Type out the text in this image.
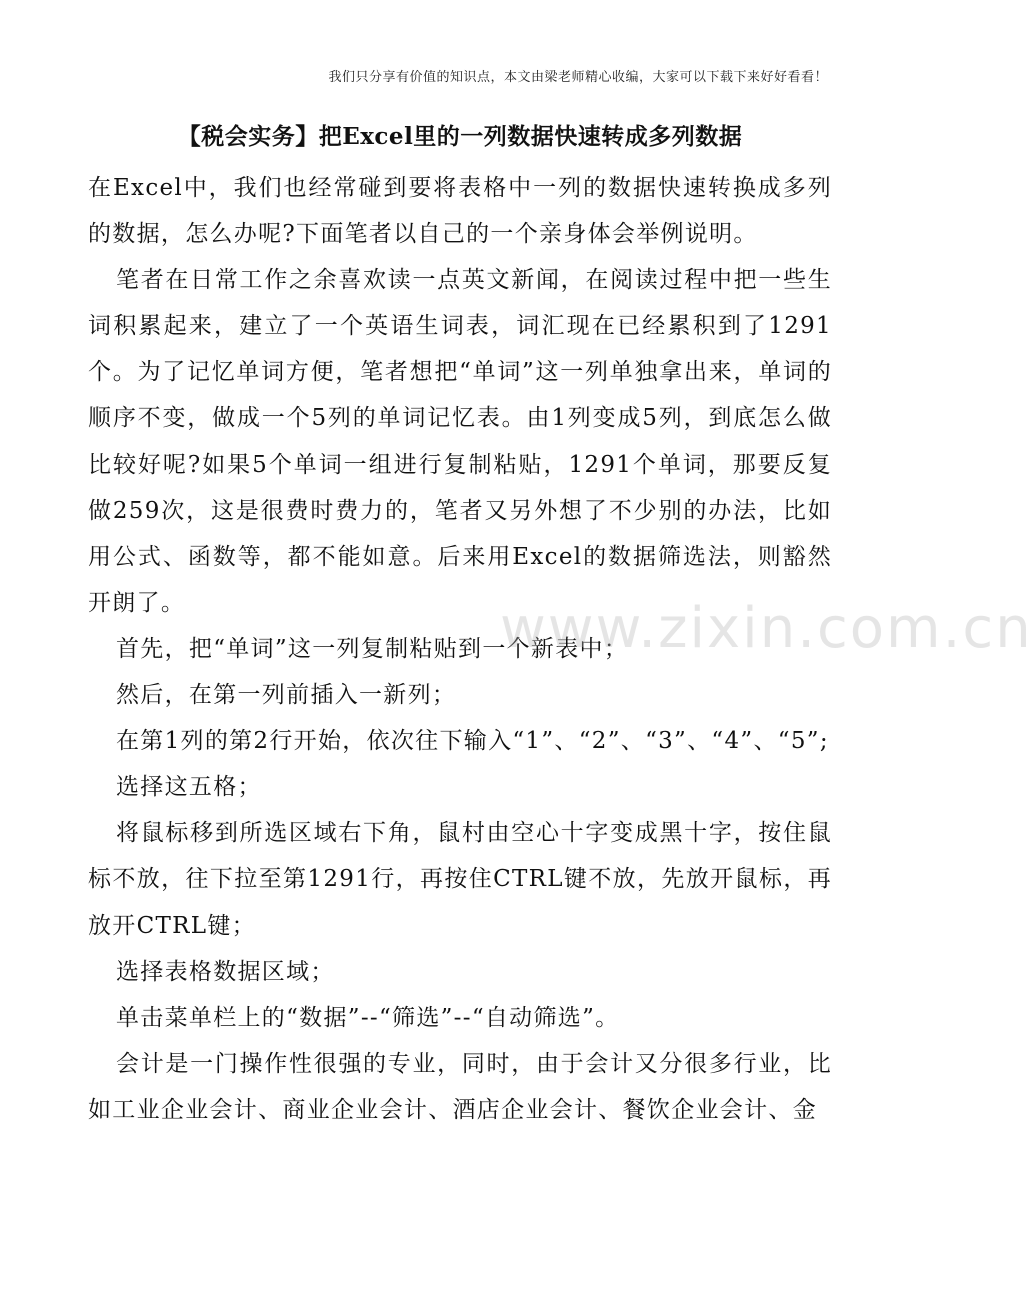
我们只分享有价值的知识点，本文由梁老师精心收编，大家可以下载下来好好看看！
【税会实务】把Excel里的一列数据快速转成多列数据

在Excel中，我们也经常碰到要将表格中一列的数据快速转换成多列的数据，怎么办呢?下面笔者以自己的一个亲身体会举例说明。

笔者在日常工作之余喜欢读一点英文新闻，在阅读过程中把一些生词积累起来，建立了一个英语生词表，词汇现在已经累积到了1291个。为了记忆单词方便，笔者想把“单词”这一列单独拿出来，单词的顺序不变，做成一个5列的单词记忆表。由1列变成5列，到底怎么做比较好呢?如果5个单词一组进行复制粘贴，1291个单词，那要反复做259次，这是很费时费力的，笔者又另外想了不少别的办法，比如用公式、函数等，都不能如意。后来用Excel的数据筛选法，则豁然开朗了。

首先，把“单词”这一列复制粘贴到一个新表中；

然后，在第一列前插入一新列；

在第1列的第2行开始，依次往下输入“1”、“2”、“3”、“4”、“5”;

选择这五格；

将鼠标移到所选区域右下角，鼠村由空心十字变成黑十字，按住鼠标不放，往下拉至第1291行，再按住CTRL键不放，先放开鼠标，再放开CTRL键；

选择表格数据区域；

单击菜单栏上的“数据”--“筛选”--“自动筛选”。

会计是一门操作性很强的专业，同时，由于会计又分很多行业，比如工业企业会计、商业企业会计、酒店企业会计、餐饮企业会计、金

www.zixin.com.cn
